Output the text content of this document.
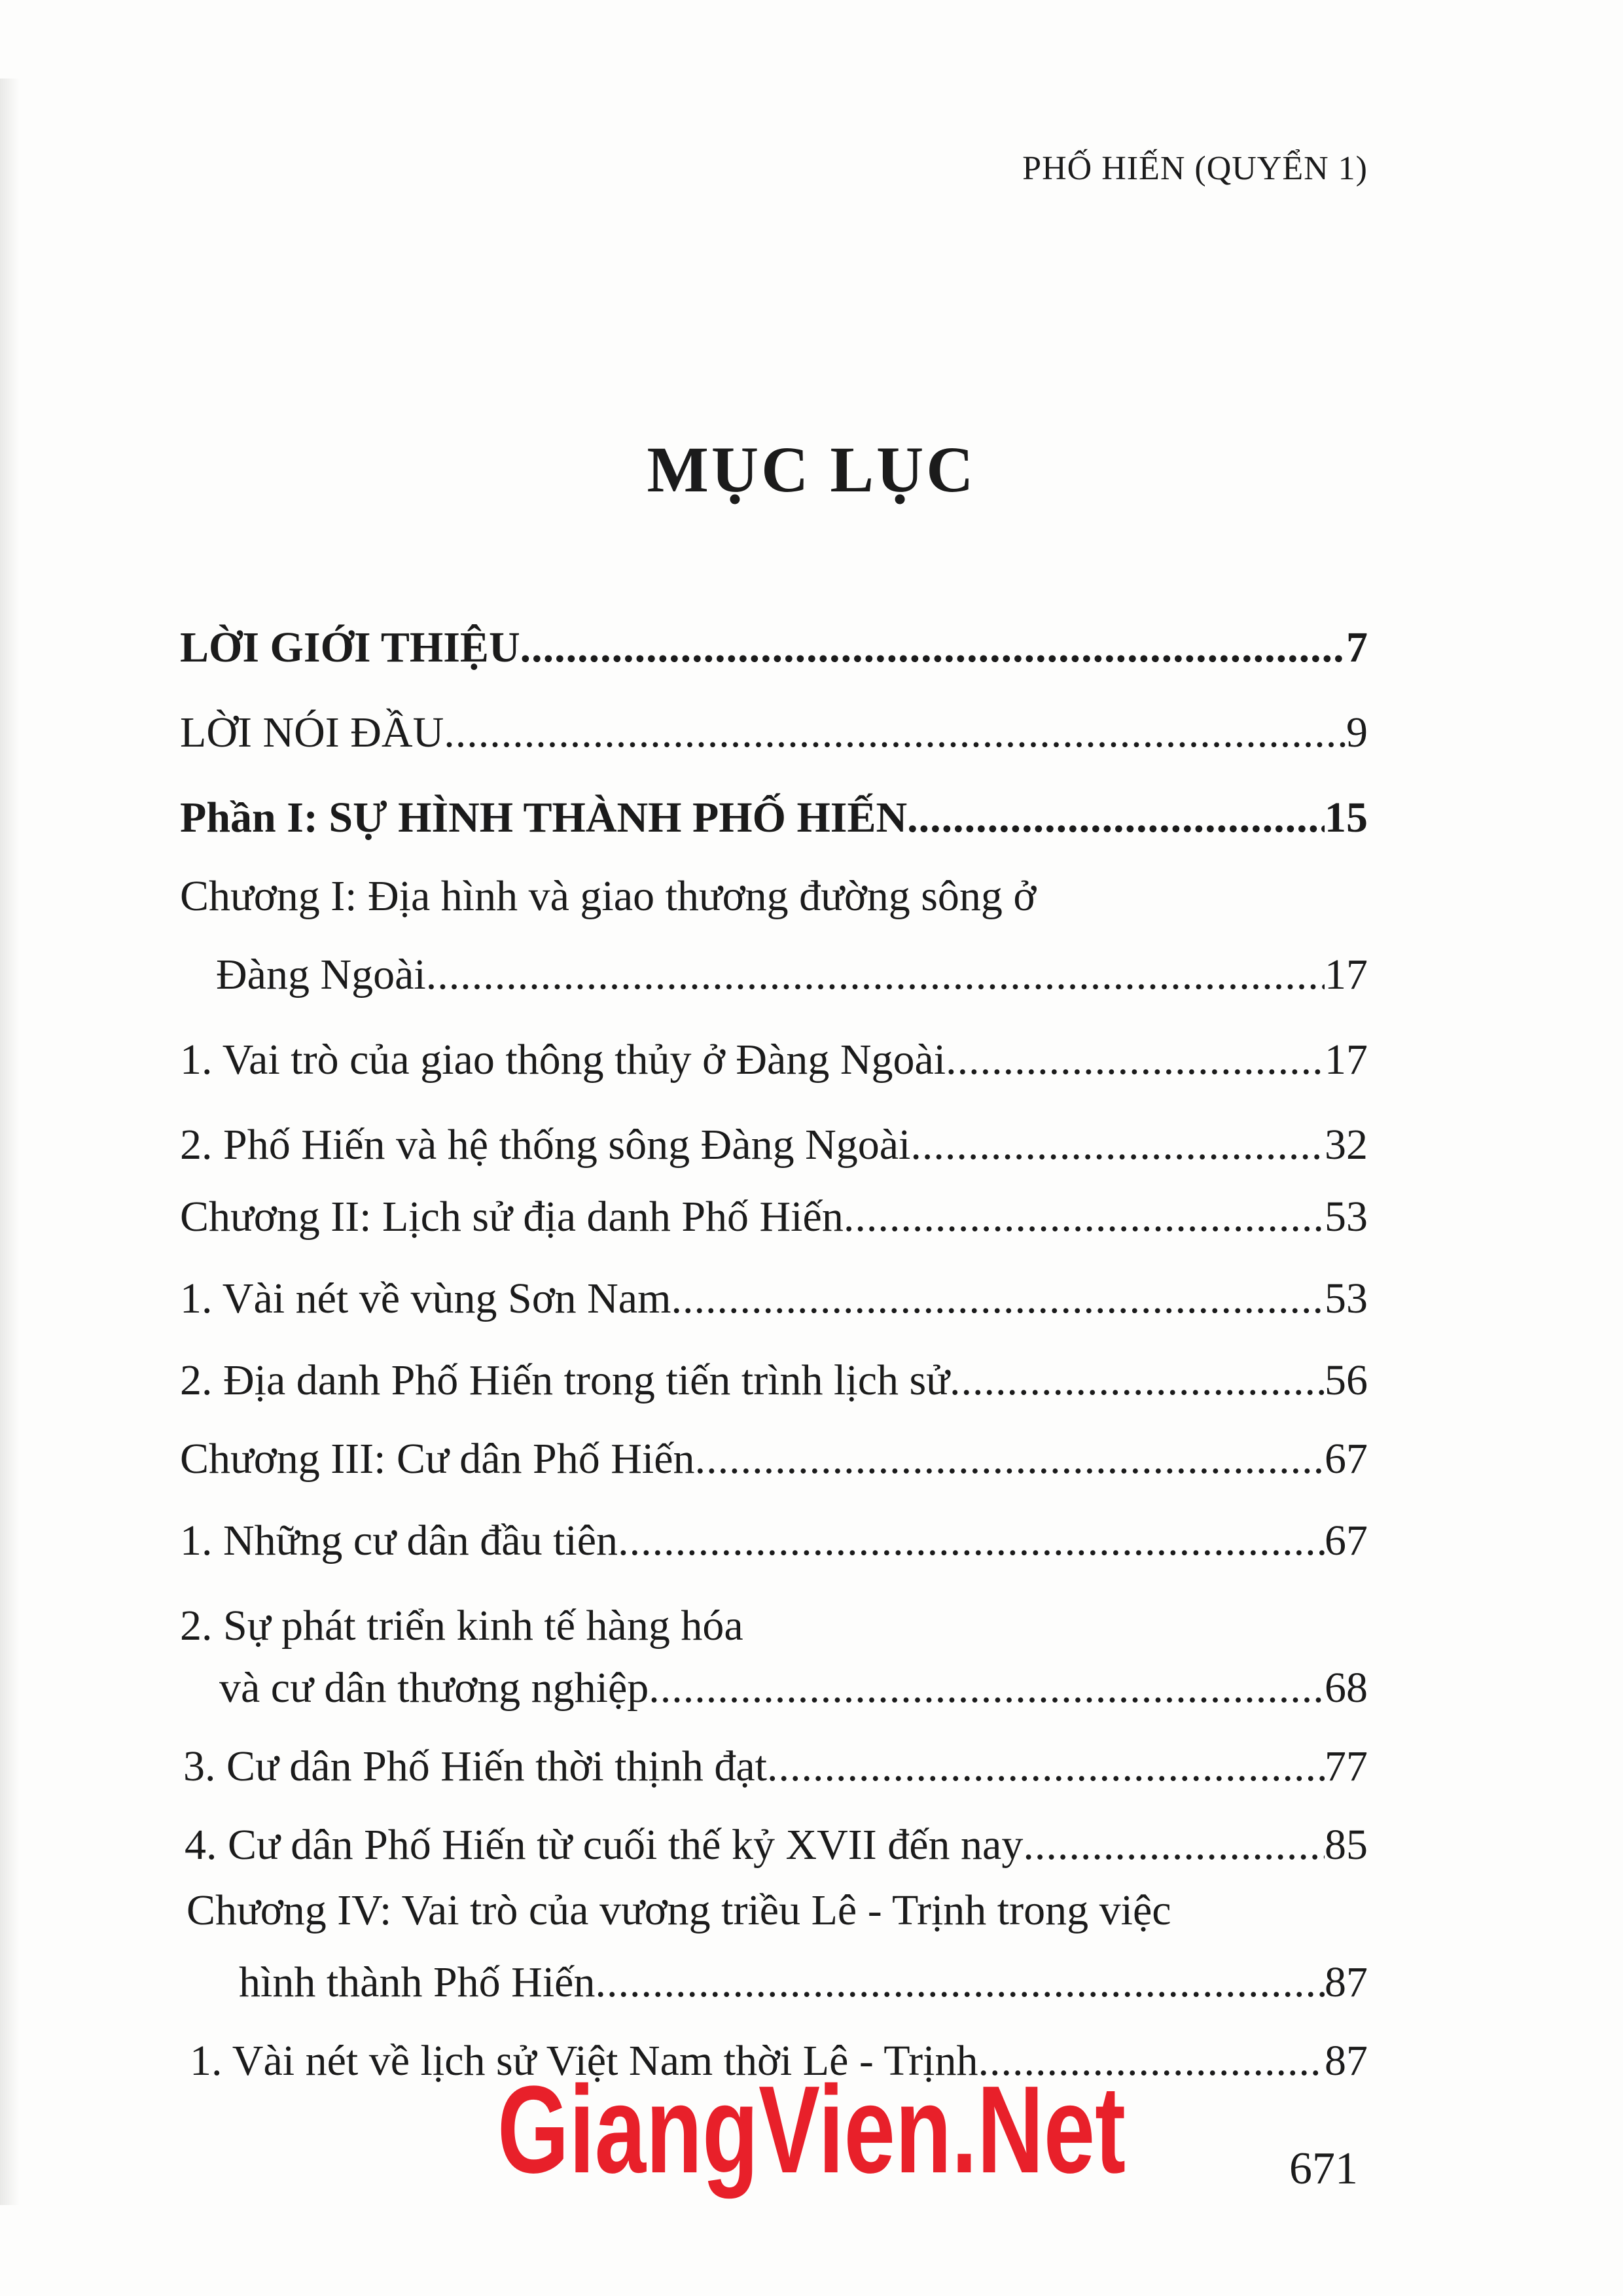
PHỐ HIẾN (QUYỂN 1)
MỤC LỤC
LỜI GIỚI THIỆU .....	7
LỜI NÓI ĐẦU .....	9
Phần I: SỰ HÌNH THÀNH PHỐ HIẾN .....	15
Chương I: Địa hình và giao thương đường sông ở
Đàng Ngoài .....	17
1. Vai trò của giao thông thủy ở Đàng Ngoài .....	17
2. Phố Hiến và hệ thống sông Đàng Ngoài .....	32
Chương II: Lịch sử địa danh Phố Hiến .....	53
1. Vài nét về vùng Sơn Nam .....	53
2. Địa danh Phố Hiến trong tiến trình lịch sử .....	56
Chương III: Cư dân Phố Hiến .....	67
1. Những cư dân đầu tiên .....	67
2. Sự phát triển kinh tế hàng hóa
và cư dân thương nghiệp .....	68
3. Cư dân Phố Hiến thời thịnh đạt .....	77
4. Cư dân Phố Hiến từ cuối thế kỷ XVII đến nay .....	85
Chương IV: Vai trò của vương triều Lê - Trịnh trong việc
hình thành Phố Hiến .....	87
1. Vài nét về lịch sử Việt Nam thời Lê - Trịnh .....	87
GiangVien.Net	671
